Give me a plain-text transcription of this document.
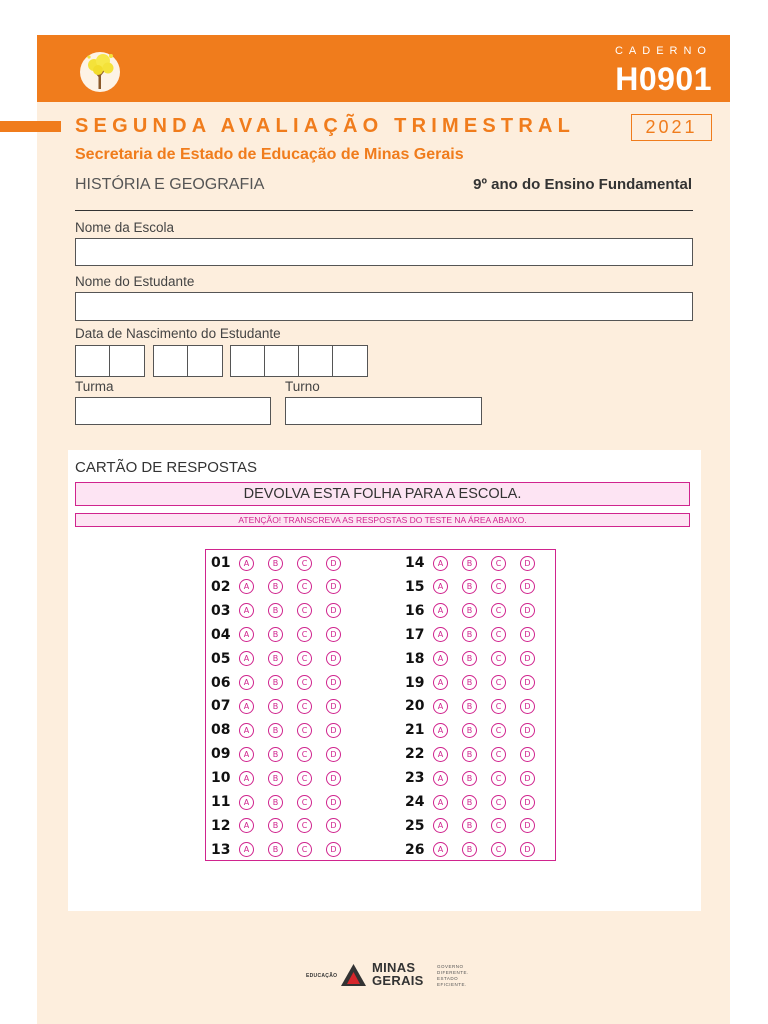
CADERNO
H0901
SEGUNDA AVALIAÇÃO TRIMESTRAL	2021
Secretaria de Estado de Educação de Minas Gerais
HISTÓRIA E GEOGRAFIA	9º ano do Ensino Fundamental
Nome da Escola
Nome do Estudante
Data de Nascimento do Estudante
Turma	Turno
CARTÃO DE RESPOSTAS
DEVOLVA ESTA FOLHA PARA A ESCOLA.
ATENÇÃO! TRANSCREVA AS RESPOSTAS DO TESTE NA ÁREA ABAIXO.
01	A	B	C	D
02	A	B	C	D
03	A	B	C	D
04	A	B	C	D
05	A	B	C	D
06	A	B	C	D
07	A	B	C	D
08	A	B	C	D
09	A	B	C	D
10	A	B	C	D
11	A	B	C	D
12	A	B	C	D
13	A	B	C	D
14	A	B	C	D
15	A	B	C	D
16	A	B	C	D
17	A	B	C	D
18	A	B	C	D
19	A	B	C	D
20	A	B	C	D
21	A	B	C	D
22	A	B	C	D
23	A	B	C	D
24	A	B	C	D
25	A	B	C	D
26	A	B	C	D
EDUCAÇÃO
MINAS
GERAIS
GOVERNO
DIFERENTE.
ESTADO
EFICIENTE.
